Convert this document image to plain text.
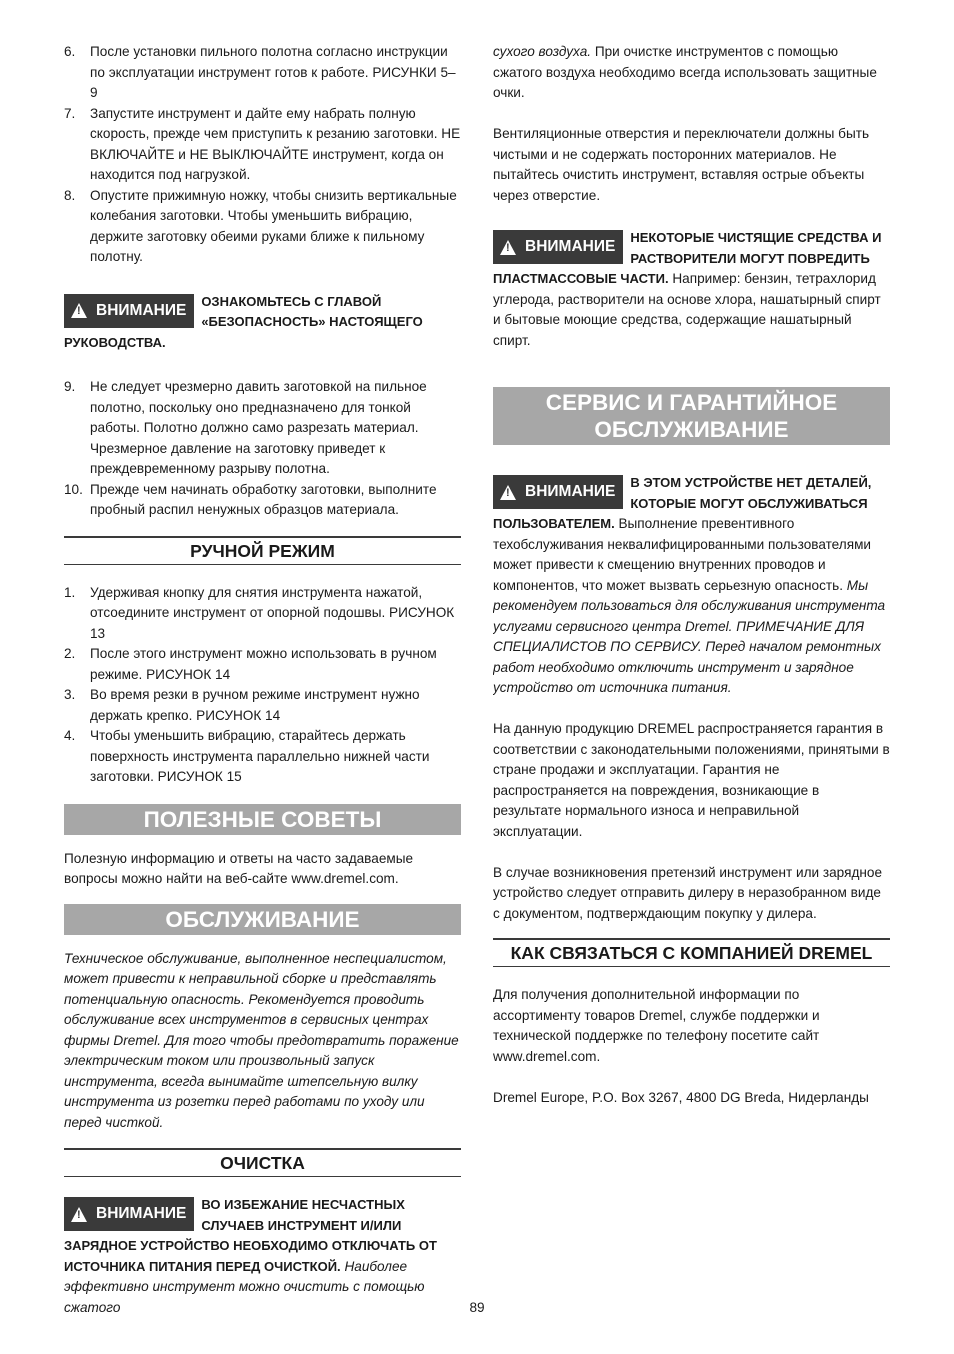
6.	После установки пильного полотна согласно инструкции по эксплуатации инструмент готов к работе. РИСУНКИ 5–9
7.	Запустите инструмент и дайте ему набрать полную скорость, прежде чем приступить к резанию заготовки. НЕ ВКЛЮЧАЙТЕ и НЕ ВЫКЛЮЧАЙТЕ инструмент, когда он находится под нагрузкой.
8.	Опустите прижимную ножку, чтобы снизить вертикальные колебания заготовки. Чтобы уменьшить вибрацию, держите заготовку обеими руками ближе к пильному полотну.
!
ВНИМАНИЕ
ОЗНАКОМЬТЕСЬ С ГЛАВОЙ «БЕЗОПАСНОСТЬ» НАСТОЯЩЕГО РУКОВОДСТВА.
9.	Не следует чрезмерно давить заготовкой на пильное полотно, поскольку оно предназначено для тонкой работы. Полотно должно само разрезать материал. Чрезмерное давление на заготовку приведет к преждевременному разрыву полотна.
10. Прежде чем начинать обработку заготовки, выполните пробный распил ненужных образцов материала.
РУЧНОЙ РЕЖИМ
1.	Удерживая кнопку для снятия инструмента нажатой, отсоедините инструмент от опорной подошвы. РИСУНОК 13
2.	После этого инструмент можно использовать в ручном режиме. РИСУНОК 14
3.	Во время резки в ручном режиме инструмент нужно держать крепко. РИСУНОК 14
4.	Чтобы уменьшить вибрацию, старайтесь держать поверхность инструмента параллельно нижней части заготовки. РИСУНОК 15
ПОЛЕЗНЫЕ СОВЕТЫ

Полезную информацию и ответы на часто задаваемые вопросы можно найти на веб-сайте www.dremel.com.

ОБСЛУЖИВАНИЕ

Техническое обслуживание, выполненное неспециалистом, может привести к неправильной сборке и представлять потенциальную опасность. Рекомендуется проводить обслуживание всех инструментов в сервисных центрах фирмы Dremel. Для того чтобы предотвратить поражение электрическим током или произвольный запуск инструмента, всегда вынимайте штепсельную вилку инструмента из розетки перед работами по уходу или перед чисткой.

ОЧИСТКА
!
ВНИМАНИЕ
ВО ИЗБЕЖАНИЕ НЕСЧАСТНЫХ СЛУЧАЕВ ИНСТРУМЕНТ И/ИЛИ ЗАРЯДНОЕ УСТРОЙСТВО НЕОБХОДИМО ОТКЛЮЧАТЬ ОТ ИСТОЧНИКА ПИТАНИЯ ПЕРЕД ОЧИСТКОЙ. Наиболее эффективно инструмент можно очистить с помощью сжатого

сухого воздуха. При очистке инструментов с помощью сжатого воздуха необходимо всегда использовать защитные очки.

Вентиляционные отверстия и переключатели должны быть чистыми и не содержать посторонних материалов. Не пытайтесь очистить инструмент, вставляя острые объекты через отверстие.

!
ВНИМАНИЕ
НЕКОТОРЫЕ ЧИСТЯЩИЕ СРЕДСТВА И РАСТВОРИТЕЛИ МОГУТ ПОВРЕДИТЬ ПЛАСТМАССОВЫЕ ЧАСТИ. Например: бензин, тетрахлорид углерода, растворители на основе хлора, нашатырный спирт и бытовые моющие средства, содержащие нашатырный спирт.
СЕРВИС И ГАРАНТИЙНОЕ ОБСЛУЖИВАНИЕ
!
ВНИМАНИЕ
В ЭТОМ УСТРОЙСТВЕ НЕТ ДЕТАЛЕЙ, КОТОРЫЕ МОГУТ ОБСЛУЖИВАТЬСЯ ПОЛЬЗОВАТЕЛЕМ. Выполнение превентивного техобслуживания неквалифицированными пользователями может привести к смещению внутренних проводов и компонентов, что может вызвать серьезную опасность. Мы рекомендуем пользоваться для обслуживания инструмента услугами сервисного центра Dremel. ПРИМЕЧАНИЕ ДЛЯ СПЕЦИАЛИСТОВ ПО СЕРВИСУ. Перед началом ремонтных работ необходимо отключить инструмент и зарядное устройство от источника питания.

На данную продукцию DREMEL распространяется гарантия в соответствии с законодательными положениями, принятыми в стране продажи и эксплуатации. Гарантия не распространяется на повреждения, возникающие в результате нормального износа и неправильной эксплуатации.

В случае возникновения претензий инструмент или зарядное устройство следует отправить дилеру в неразобранном виде с документом, подтверждающим покупку у дилера.

КАК СВЯЗАТЬСЯ С КОМПАНИЕЙ DREMEL

Для получения дополнительной информации по ассортименту товаров Dremel, службе поддержки и технической поддержке по телефону посетите сайт www.dremel.com.

Dremel Europe, P.O. Box 3267, 4800 DG Breda, Нидерланды

89
